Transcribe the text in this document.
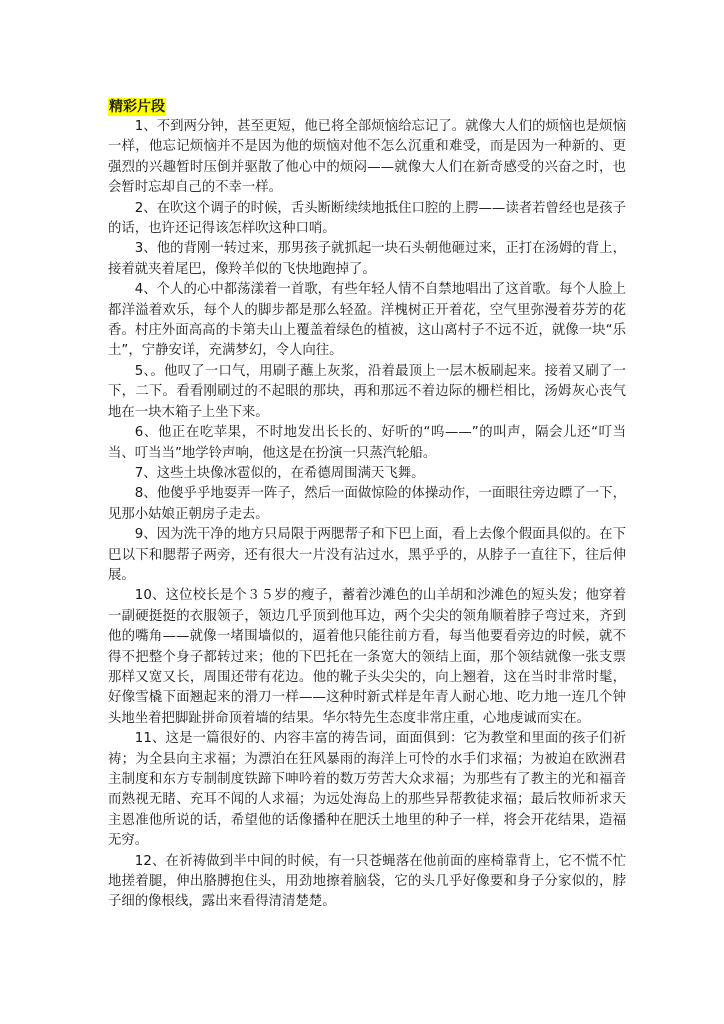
精彩片段

1、不到两分钟，甚至更短，他已将全部烦恼给忘记了。就像大人们的烦恼也是烦恼一样，他忘记烦恼并不是因为他的烦恼对他不怎么沉重和难受，而是因为一种新的、更强烈的兴趣暂时压倒并驱散了他心中的烦闷——就像大人们在新奇感受的兴奋之时，也会暂时忘却自己的不幸一样。

2、在吹这个调子的时候，舌头断断续续地抵住口腔的上腭——读者若曾经也是孩子的话，也许还记得该怎样吹这种口哨。

3、他的背刚一转过来，那男孩子就抓起一块石头朝他砸过来，正打在汤姆的背上，接着就夹着尾巴，像羚羊似的飞快地跑掉了。

4、个人的心中都荡漾着一首歌，有些年轻人情不自禁地唱出了这首歌。每个人脸上都洋溢着欢乐，每个人的脚步都是那么轻盈。洋槐树正开着花，空气里弥漫着芬芳的花香。村庄外面高高的卡第夫山上覆盖着绿色的植被，这山离村子不远不近，就像一块“乐土”，宁静安详，充满梦幻，令人向往。

5、。他叹了一口气，用刷子蘸上灰浆，沿着最顶上一层木板刷起来。接着又刷了一下，二下。看看刚刷过的不起眼的那块，再和那远不着边际的栅栏相比，汤姆灰心丧气地在一块木箱子上坐下来。

6、他正在吃苹果，不时地发出长长的、好听的“呜——”的叫声，隔会儿还“叮当当、叮当当”地学铃声响，他这是在扮演一只蒸汽轮船。

7、这些土块像冰雹似的，在希德周围满天飞舞。

8、他傻乎乎地耍弄一阵子，然后一面做惊险的体操动作，一面眼往旁边瞟了一下，见那小姑娘正朝房子走去。

9、因为洗干净的地方只局限于两腮帮子和下巴上面，看上去像个假面具似的。在下巴以下和腮帮子两旁，还有很大一片没有沾过水，黑乎乎的，从脖子一直往下，往后伸展。

10、这位校长是个３５岁的瘦子，蓄着沙滩色的山羊胡和沙滩色的短头发；他穿着一副硬挺挺的衣服领子，领边几乎顶到他耳边，两个尖尖的领角顺着脖子弯过来，齐到他的嘴角——就像一堵围墙似的，逼着他只能往前方看，每当他要看旁边的时候，就不得不把整个身子都转过来；他的下巴托在一条宽大的领结上面，那个领结就像一张支票那样又宽又长，周围还带有花边。他的靴子头尖尖的，向上翘着，这在当时非常时髦，好像雪橇下面翘起来的滑刀一样——这种时新式样是年青人耐心地、吃力地一连几个钟头地坐着把脚趾拼命顶着墙的结果。华尔特先生态度非常庄重，心地虔诚而实在。

11、这是一篇很好的、内容丰富的祷告词，面面俱到：它为教堂和里面的孩子们祈祷；为全县向主求福；为漂泊在狂风暴雨的海洋上可怜的水手们求福；为被迫在欧洲君主制度和东方专制制度铁蹄下呻吟着的数万劳苦大众求福；为那些有了教主的光和福音而熟视无睹、充耳不闻的人求福；为远处海岛上的那些异帮教徒求福；最后牧师祈求天主恩准他所说的话，希望他的话像播种在肥沃土地里的种子一样，将会开花结果，造福无穷。

12、在祈祷做到半中间的时候，有一只苍蝇落在他前面的座椅靠背上，它不慌不忙地搓着腿，伸出胳膊抱住头，用劲地擦着脑袋，它的头几乎好像要和身子分家似的，脖子细的像根线，露出来看得清清楚楚。
